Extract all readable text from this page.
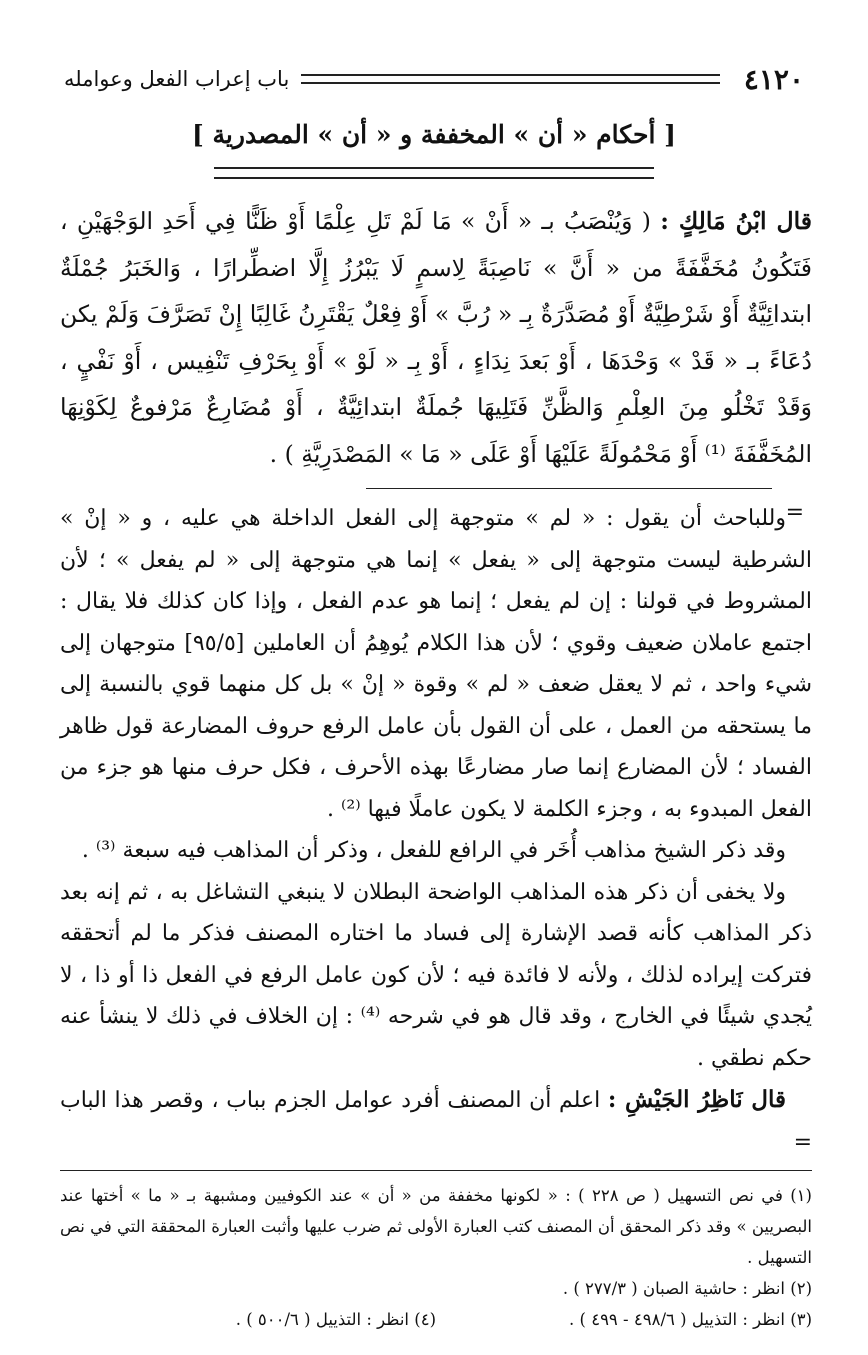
٤١٢٠
باب إعراب الفعل وعوامله
[ أحكام « أن » المخففة و « أن » المصدرية ]
قال ابْنُ مَالِكٍ : ( وَيُنْصَبُ بـ « أَنْ » مَا لَمْ تَلِ عِلْمًا أَوْ ظَنًّا فِي أَحَدِ الوَجْهَيْنِ ، فَتَكُونُ مُخَفَّفَةً من « أَنَّ » نَاصِبَةً لِاسمٍ لَا يَبْرُزُ إِلَّا اضطِّرارًا ، وَالخَبَرُ جُمْلَةٌ ابتدائِيَّةٌ أَوْ شَرْطِيَّةٌ أَوْ مُصَدَّرَةٌ بِـ « رُبَّ » أَوْ فِعْلٌ يَقْتَرِنُ غَالِبًا إِنْ تَصَرَّفَ وَلَمْ يكن دُعَاءً بـ « قَدْ » وَحْدَهَا ، أَوْ بَعدَ نِدَاءٍ ، أَوْ بِـ « لَوْ » أَوْ بِحَرْفِ تَنْفِيس ، أَوْ نَفْيٍ ، وَقَدْ تَخْلُو مِنَ العِلْمِ وَالظَّنِّ فَتَلِيهَا جُملَةٌ ابتدائِيَّةٌ ، أَوْ مُضَارِعٌ مَرْفوعٌ لِكَوْنِهَا المُخَفَّفَةَ ⁽¹⁾ أَوْ مَحْمُولَةً عَلَيْهَا أَوْ عَلَى « مَا » المَصْدَرِيَّةِ ) .
=

وللباحث أن يقول : « لم » متوجهة إلى الفعل الداخلة هي عليه ، و « إنْ » الشرطية ليست متوجهة إلى « يفعل » إنما هي متوجهة إلى « لم يفعل » ؛ لأن المشروط في قولنا : إن لم يفعل ؛ إنما هو عدم الفعل ، وإذا كان كذلك فلا يقال : اجتمع عاملان ضعيف وقوي ؛ لأن هذا الكلام يُوهِمُ أن العاملين [٩٥/٥] متوجهان إلى شيء واحد ، ثم لا يعقل ضعف « لم » وقوة « إنْ » بل كل منهما قوي بالنسبة إلى ما يستحقه من العمل ، على أن القول بأن عامل الرفع حروف المضارعة قول ظاهر الفساد ؛ لأن المضارع إنما صار مضارعًا بهذه الأحرف ، فكل حرف منها هو جزء من الفعل المبدوء به ، وجزء الكلمة لا يكون عاملًا فيها ⁽²⁾ .

وقد ذكر الشيخ مذاهب أُخَر في الرافع للفعل ، وذكر أن المذاهب فيه سبعة ⁽³⁾ .

ولا يخفى أن ذكر هذه المذاهب الواضحة البطلان لا ينبغي التشاغل به ، ثم إنه بعد ذكر المذاهب كأنه قصد الإشارة إلى فساد ما اختاره المصنف فذكر ما لم أتحققه فتركت إيراده لذلك ، ولأنه لا فائدة فيه ؛ لأن كون عامل الرفع في الفعل ذا أو ذا ، لا يُجدي شيئًا في الخارج ، وقد قال هو في شرحه ⁽⁴⁾ : إن الخلاف في ذلك لا ينشأ عنه حكم نطقي .

قال نَاظِرُ الجَيْشِ : اعلم أن المصنف أفرد عوامل الجزم بباب ، وقصر هذا الباب =

(١) في نص التسهيل ( ص ٢٢٨ ) : « لكونها مخففة من « أن » عند الكوفيين ومشبهة بـ « ما » أختها عند البصريين » وقد ذكر المحقق أن المصنف كتب العبارة الأولى ثم ضرب عليها وأثبت العبارة المحققة التي في نص التسهيل .

(٢) انظر : حاشية الصبان ( ٢٧٧/٣ ) .

(٣) انظر : التذييل ( ٤٩٨/٦ - ٤٩٩ ) .

(٤) انظر : التذييل ( ٥٠٠/٦ ) .
